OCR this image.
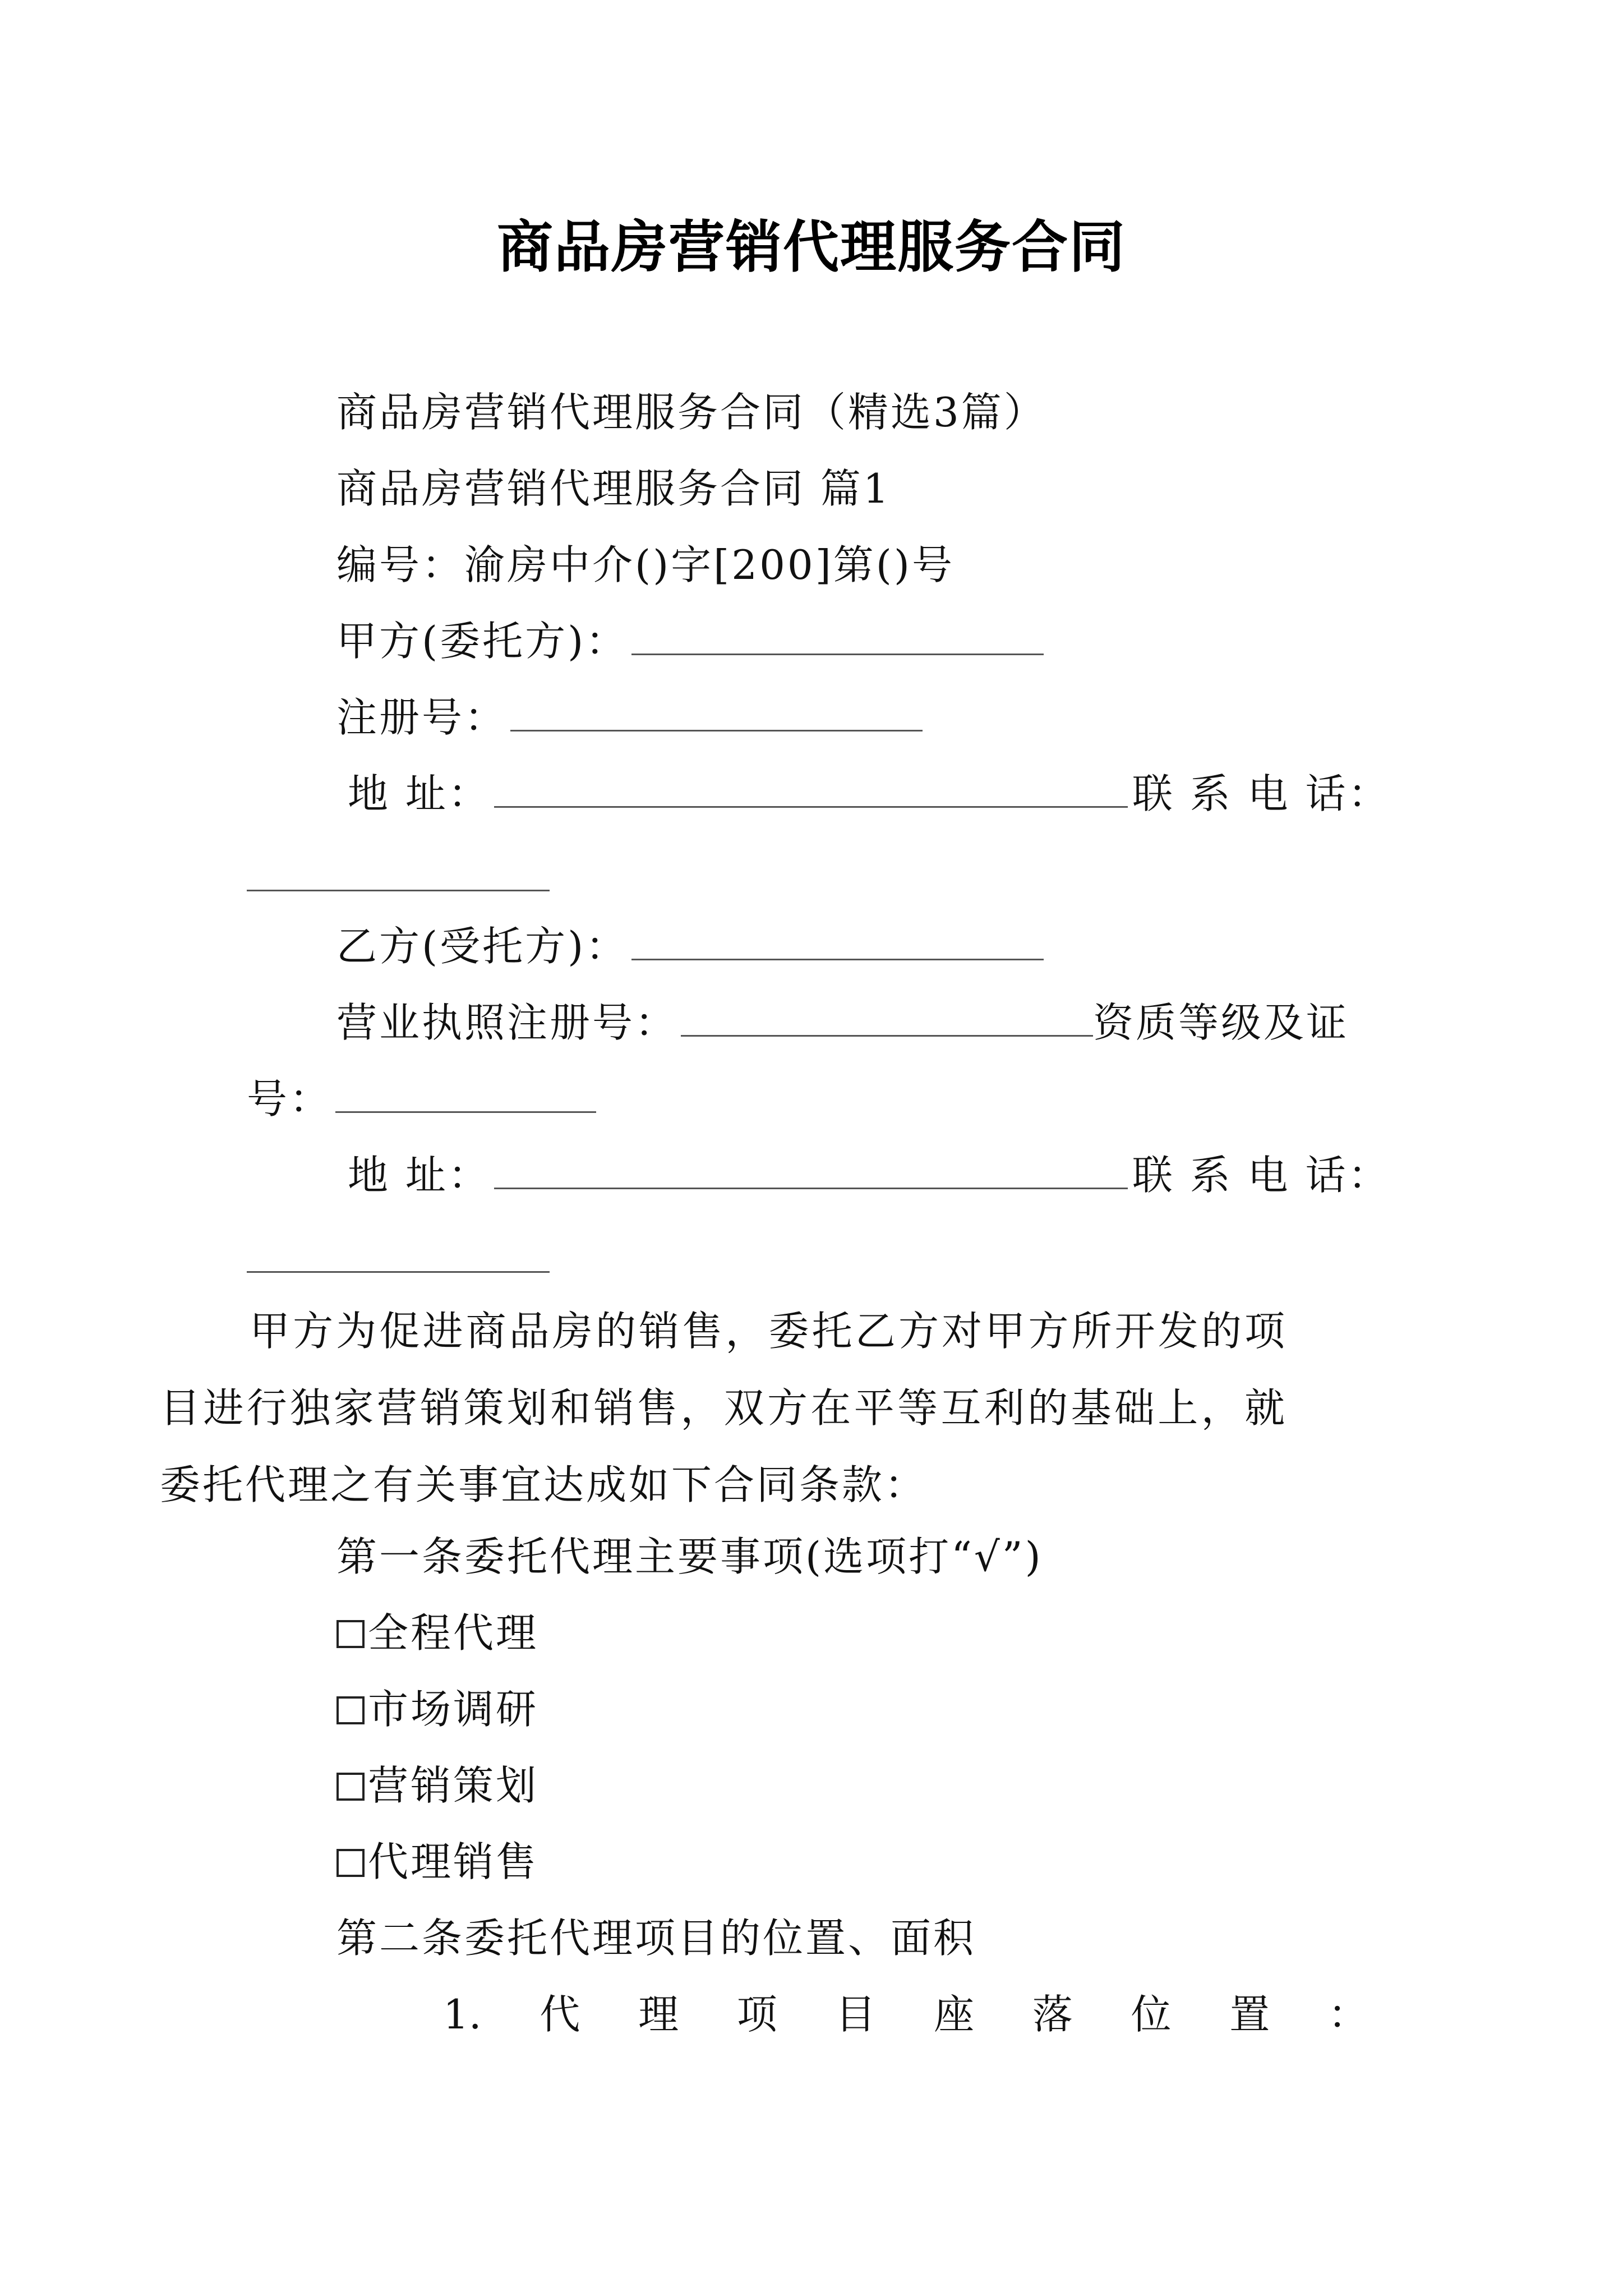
商品房营销代理服务合同
商品房营销代理服务合同（精选3篇）
商品房营销代理服务合同 篇1
编号：渝房中介()字[200]第()号
甲方(委托方)：
注册号：
地 址：	联 系 电 话：
乙方(受托方)：
营业执照注册号：	资质等级及证
号：
地 址：	联 系 电 话：
甲方为促进商品房的销售，委托乙方对甲方所开发的项目进行独家营销策划和销售，双方在平等互利的基础上，就委托代理之有关事宜达成如下合同条款：
第一条委托代理主要事项(选项打“√”)
全程代理
市场调研
营销策划
代理销售
第二条委托代理项目的位置、面积
1. 代 理 项 目 座 落 位 置 ：
